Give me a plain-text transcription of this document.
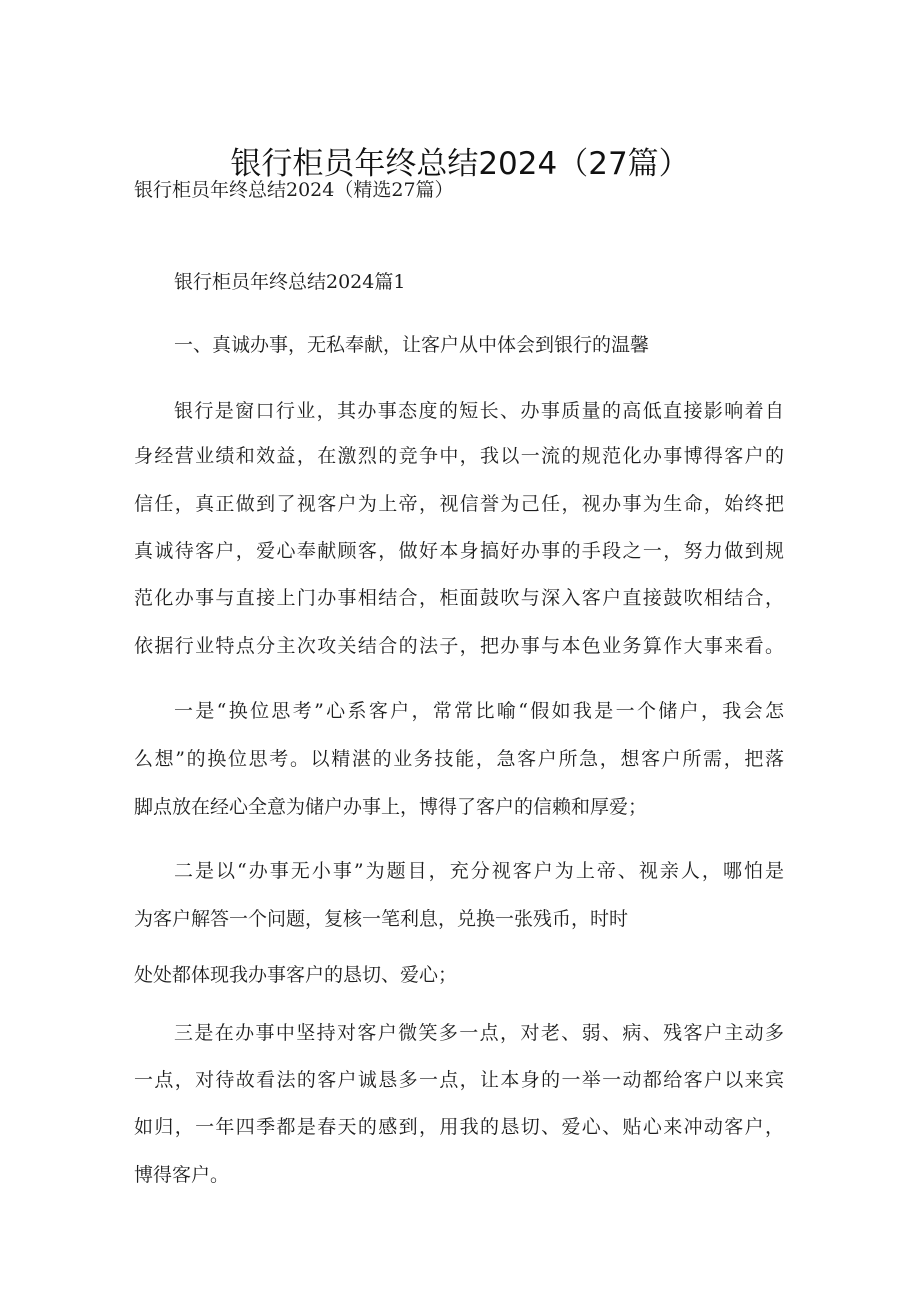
银行柜员年终总结2024（27篇）
银行柜员年终总结2024（精选27篇）
银行柜员年终总结2024篇1
一、真诚办事，无私奉献，让客户从中体会到银行的温馨
银行是窗口行业，其办事态度的短长、办事质量的高低直接影响着自
身经营业绩和效益，在激烈的竞争中，我以一流的规范化办事博得客户的
信任，真正做到了视客户为上帝，视信誉为己任，视办事为生命，始终把
真诚待客户，爱心奉献顾客，做好本身搞好办事的手段之一，努力做到规
范化办事与直接上门办事相结合，柜面鼓吹与深入客户直接鼓吹相结合，
依据行业特点分主次攻关结合的法子，把办事与本色业务算作大事来看。
一是“换位思考”心系客户，常常比喻“假如我是一个储户，我会怎
么想”的换位思考。以精湛的业务技能，急客户所急，想客户所需，把落
脚点放在经心全意为储户办事上，博得了客户的信赖和厚爱；
二是以“办事无小事”为题目，充分视客户为上帝、视亲人，哪怕是
为客户解答一个问题，复核一笔利息，兑换一张残币，时时
处处都体现我办事客户的恳切、爱心；
三是在办事中坚持对客户微笑多一点，对老、弱、病、残客户主动多
一点，对待故看法的客户诚恳多一点，让本身的一举一动都给客户以来宾
如归，一年四季都是春天的感到，用我的恳切、爱心、贴心来冲动客户，
博得客户。
